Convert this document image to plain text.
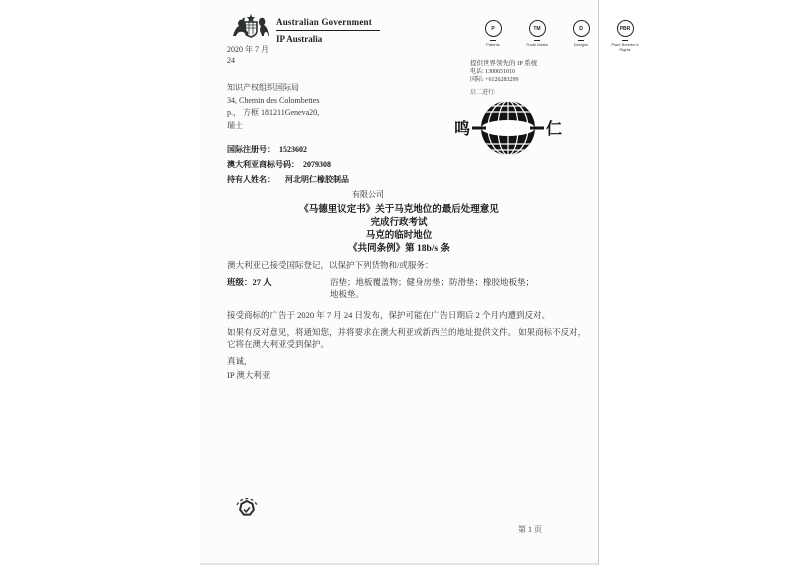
Australian Government
IP Australia
2020 年 7 月
24
P
Patents
TM
Trade Marks
D
Designs
PBR
Plant Breeder's Rights
提供世界领先的 IP 系统
电话: 1300651010
国际: +6126283299
启二进行:
鸣	仁
知识产权组织国际局
34, Chemin des Colombettes
p.， 方框 181211Geneva20,
瑞士
国际注册号： 1523602
澳大利亚商标号码： 2079308
持有人姓名： 河北明仁橡胶制品
有限公司
《马德里议定书》关于马克地位的最后处理意见
完成行政考试
马克的临时地位
《共同条例》第 18b/s 条
澳大利亚已接受国际登记，以保护下列货物和/或服务：
班级：27 人	浴垫；地板覆盖物；健身房垫；防滑垫；橡胶地板垫；
地板垫。
接受商标的广告于 2020 年 7 月 24 日发布，保护可能在广告日期后 2 个月内遭到反对。
如果有反对意见，将通知您，并将要求在澳大利亚或新西兰的地址提供文件。 如果商标不反对，它将在澳大利亚受到保护。
真诚，
IP 澳大利亚
第 1 页
